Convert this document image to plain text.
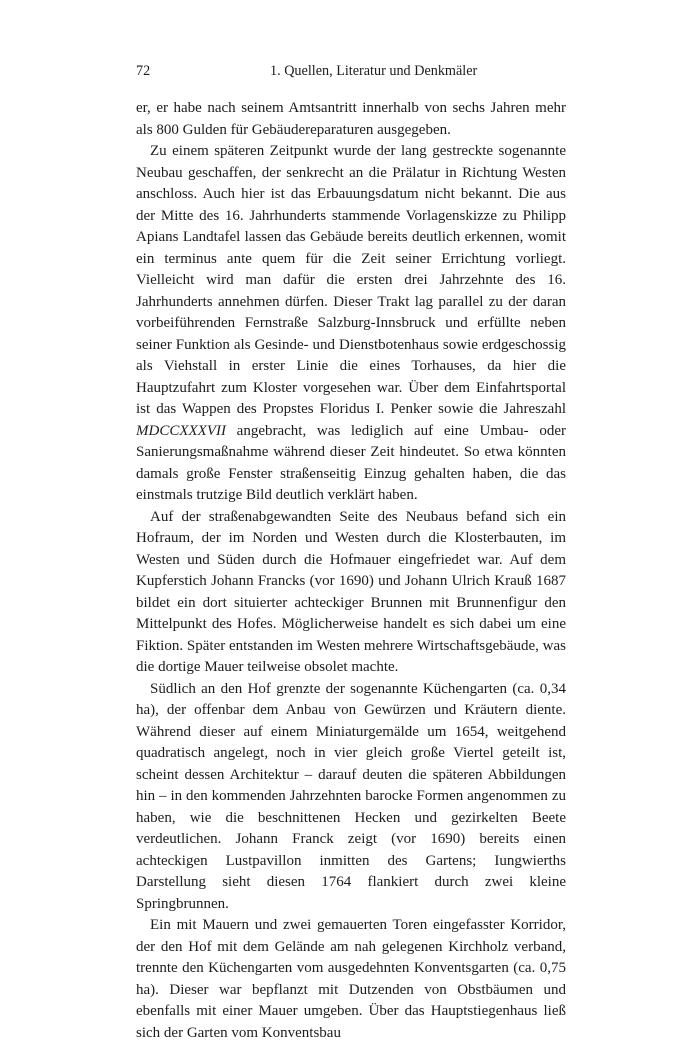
72	1. Quellen, Literatur und Denkmäler

er, er habe nach seinem Amtsantritt innerhalb von sechs Jahren mehr als 800 Gulden für Gebäudereparaturen ausgegeben.

Zu einem späteren Zeitpunkt wurde der lang gestreckte sogenannte Neubau geschaffen, der senkrecht an die Prälatur in Richtung Westen anschloss. Auch hier ist das Erbauungsdatum nicht bekannt. Die aus der Mitte des 16. Jahrhunderts stammende Vorlagenskizze zu Philipp Apians Landtafel lassen das Gebäude bereits deutlich erkennen, womit ein terminus ante quem für die Zeit seiner Errichtung vorliegt. Vielleicht wird man dafür die ersten drei Jahrzehnte des 16. Jahrhunderts annehmen dürfen. Dieser Trakt lag parallel zu der daran vorbeiführenden Fernstraße Salzburg-Innsbruck und erfüllte neben seiner Funktion als Gesinde- und Dienstbotenhaus sowie erdgeschossig als Viehstall in erster Linie die eines Torhauses, da hier die Hauptzufahrt zum Kloster vorgesehen war. Über dem Einfahrtsportal ist das Wappen des Propstes Floridus I. Penker sowie die Jahreszahl MDCCXXXVII angebracht, was lediglich auf eine Umbau- oder Sanierungsmaßnahme während dieser Zeit hindeutet. So etwa könnten damals große Fenster straßenseitig Einzug gehalten haben, die das einstmals trutzige Bild deutlich verklärt haben.

Auf der straßenabgewandten Seite des Neubaus befand sich ein Hofraum, der im Norden und Westen durch die Klosterbauten, im Westen und Süden durch die Hofmauer eingefriedet war. Auf dem Kupferstich Johann Francks (vor 1690) und Johann Ulrich Krauß 1687 bildet ein dort situierter achteckiger Brunnen mit Brunnenfigur den Mittelpunkt des Hofes. Möglicherweise handelt es sich dabei um eine Fiktion. Später entstanden im Westen mehrere Wirtschaftsgebäude, was die dortige Mauer teilweise obsolet machte.

Südlich an den Hof grenzte der sogenannte Küchengarten (ca. 0,34 ha), der offenbar dem Anbau von Gewürzen und Kräutern diente. Während dieser auf einem Miniaturgemälde um 1654, weitgehend quadratisch angelegt, noch in vier gleich große Viertel geteilt ist, scheint dessen Architektur – darauf deuten die späteren Abbildungen hin – in den kommenden Jahrzehnten barocke Formen angenommen zu haben, wie die beschnittenen Hecken und gezirkelten Beete verdeutlichen. Johann Franck zeigt (vor 1690) bereits einen achteckigen Lustpavillon inmitten des Gartens; Iungwierths Darstellung sieht diesen 1764 flankiert durch zwei kleine Springbrunnen.

Ein mit Mauern und zwei gemauerten Toren eingefasster Korridor, der den Hof mit dem Gelände am nah gelegenen Kirchholz verband, trennte den Küchengarten vom ausgedehnten Konventsgarten (ca. 0,75 ha). Dieser war bepflanzt mit Dutzenden von Obstbäumen und ebenfalls mit einer Mauer umgeben. Über das Hauptstiegenhaus ließ sich der Garten vom Konventsbau
